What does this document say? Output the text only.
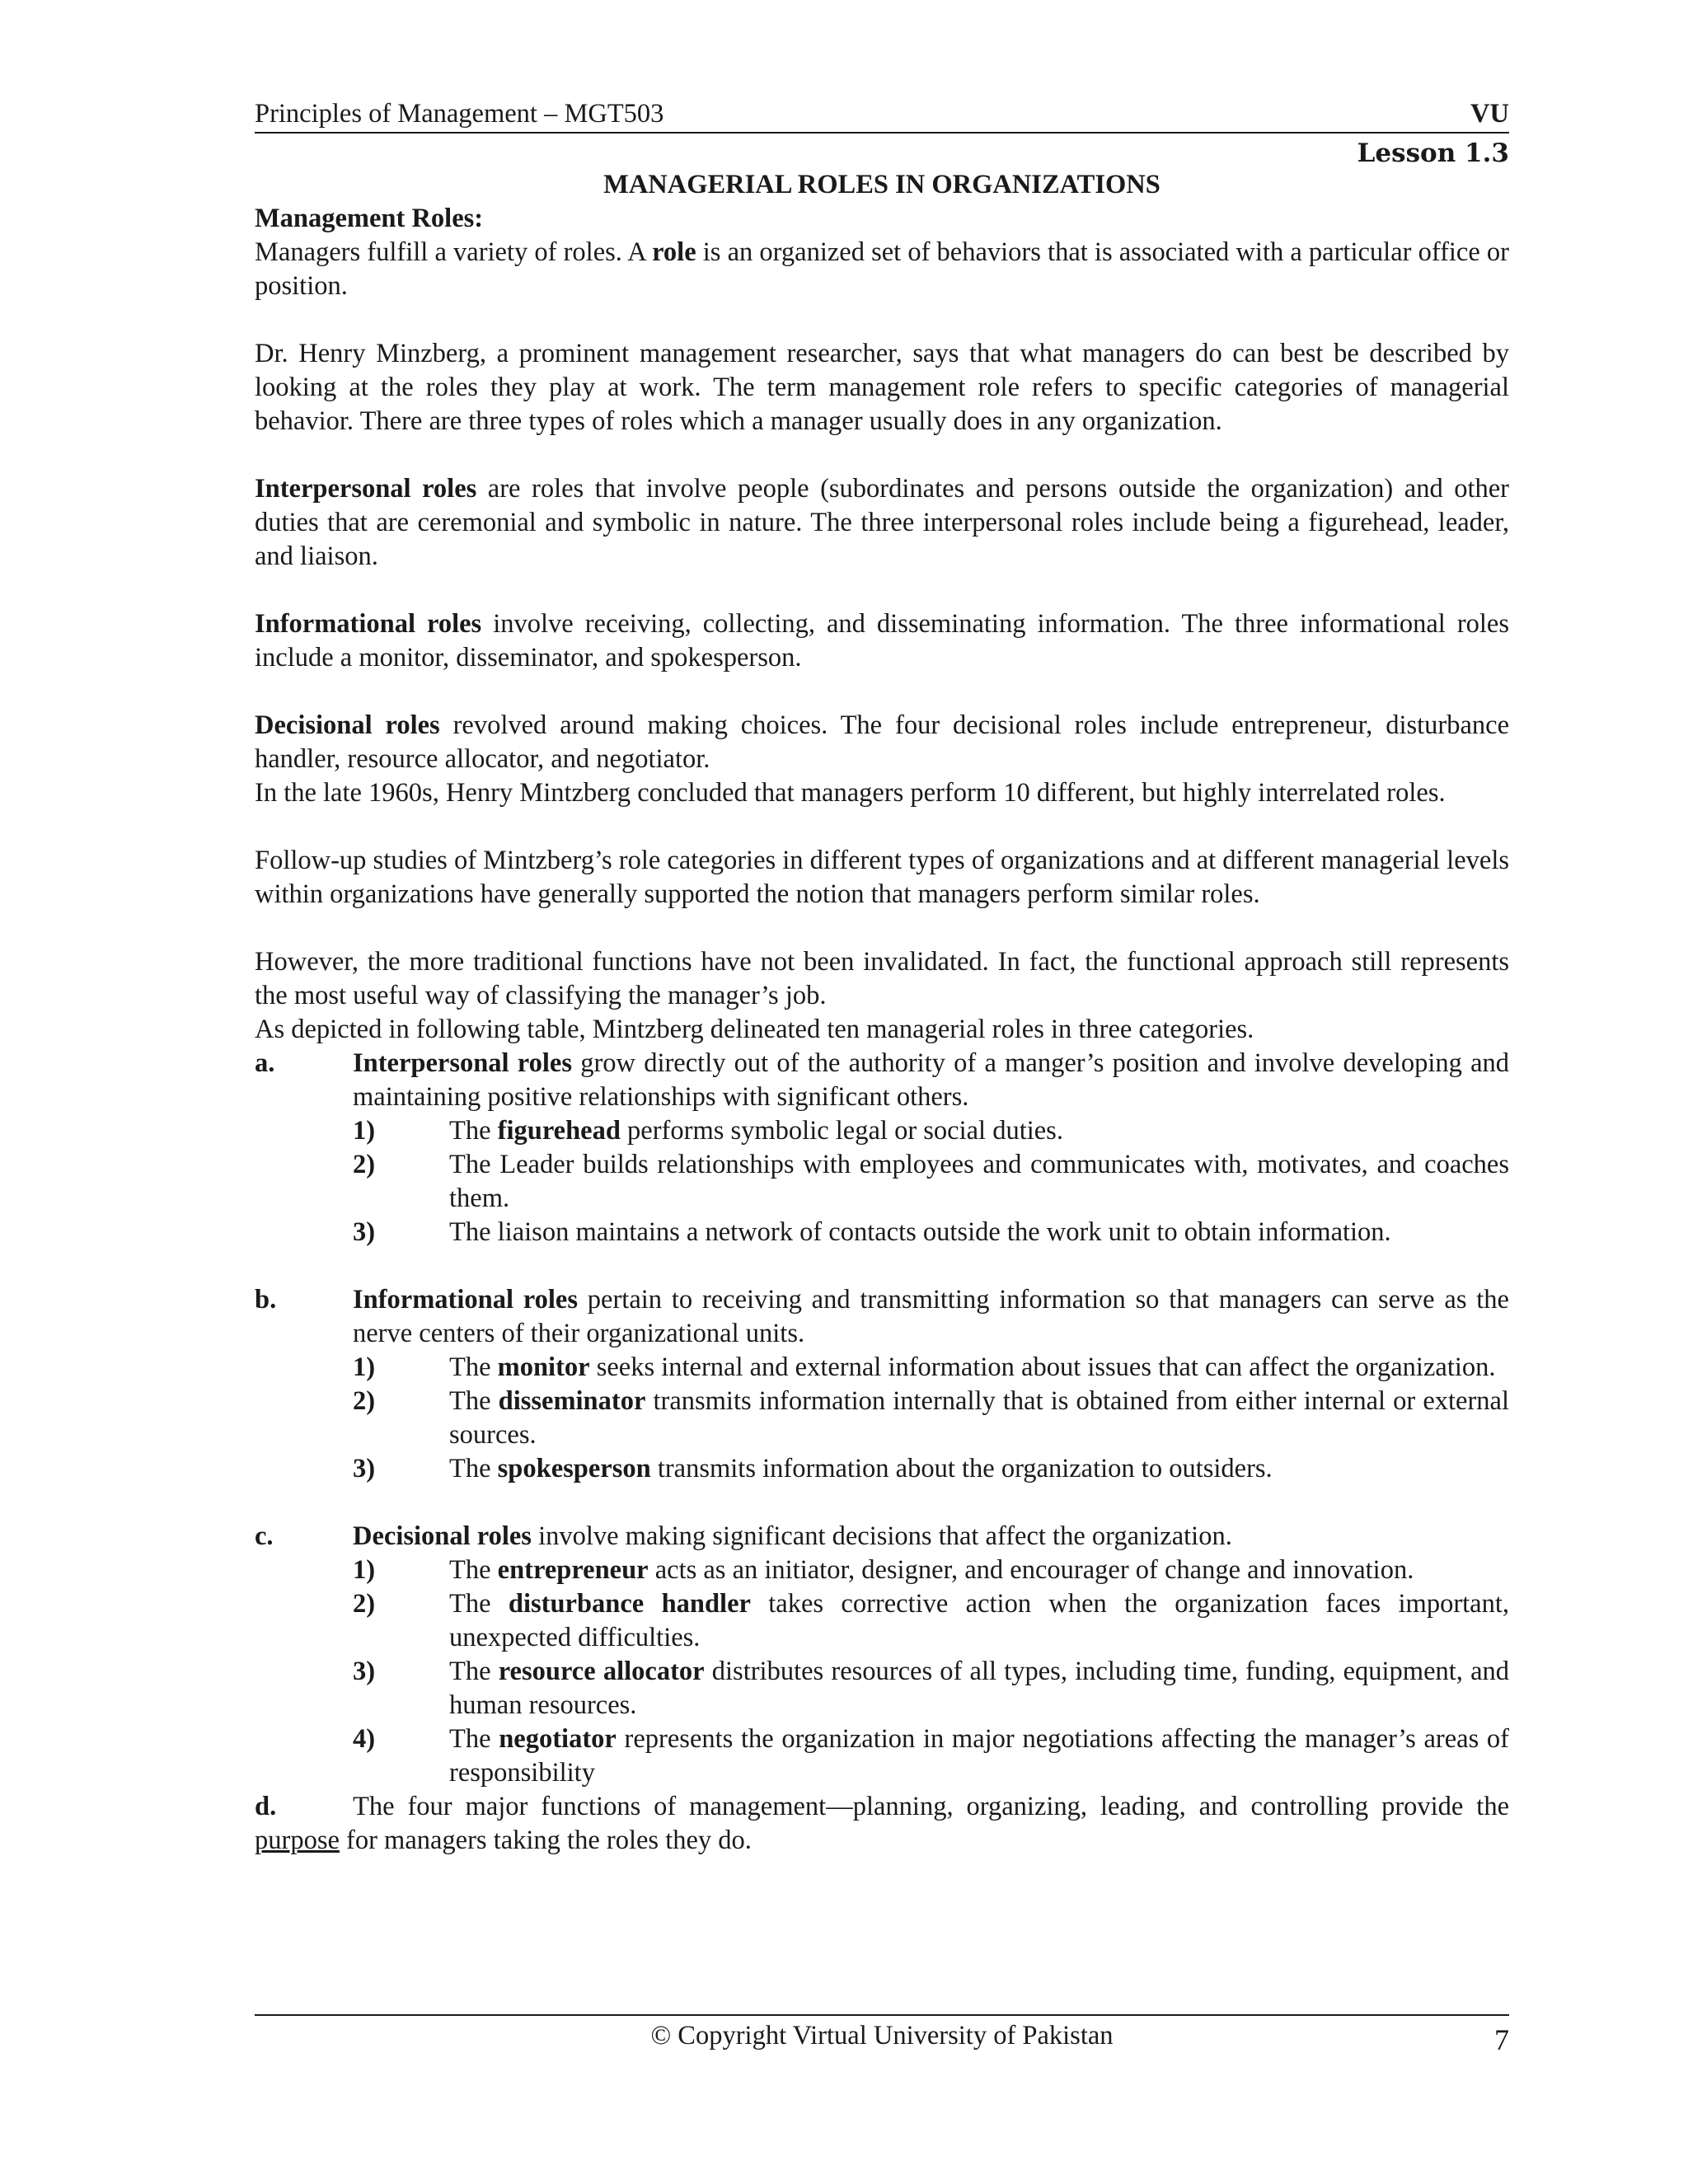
Principles of Management – MGT503	VU
Lesson 1.3
MANAGERIAL ROLES IN ORGANIZATIONS
Management Roles:

Managers fulfill a variety of roles. A role is an organized set of behaviors that is associated with a particular office or position.

Dr. Henry Minzberg, a prominent management researcher, says that what managers do can best be described by looking at the roles they play at work. The term management role refers to specific categories of managerial behavior. There are three types of roles which a manager usually does in any organization.

Interpersonal roles are roles that involve people (subordinates and persons outside the organization) and other duties that are ceremonial and symbolic in nature. The three interpersonal roles include being a figurehead, leader, and liaison.

Informational roles involve receiving, collecting, and disseminating information. The three informational roles include a monitor, disseminator, and spokesperson.

Decisional roles revolved around making choices. The four decisional roles include entrepreneur, disturbance handler, resource allocator, and negotiator.

In the late 1960s, Henry Mintzberg concluded that managers perform 10 different, but highly interrelated roles.

Follow-up studies of Mintzberg’s role categories in different types of organizations and at different managerial levels within organizations have generally supported the notion that managers perform similar roles.

However, the more traditional functions have not been invalidated. In fact, the functional approach still represents the most useful way of classifying the manager’s job.

As depicted in following table, Mintzberg delineated ten managerial roles in three categories.

a.	Interpersonal roles grow directly out of the authority of a manger’s position and involve developing and maintaining positive relationships with significant others.
1)	The figurehead performs symbolic legal or social duties.
2)	The Leader builds relationships with employees and communicates with, motivates, and coaches them.
3)	The liaison maintains a network of contacts outside the work unit to obtain information.
b.	Informational roles pertain to receiving and transmitting information so that managers can serve as the nerve centers of their organizational units.
1)	The monitor seeks internal and external information about issues that can affect the organization.
2)	The disseminator transmits information internally that is obtained from either internal or external sources.
3)	The spokesperson transmits information about the organization to outsiders.
c.	Decisional roles involve making significant decisions that affect the organization.
1)	The entrepreneur acts as an initiator, designer, and encourager of change and innovation.
2)	The disturbance handler takes corrective action when the organization faces important, unexpected difficulties.
3)	The resource allocator distributes resources of all types, including time, funding, equipment, and human resources.
4)	The negotiator represents the organization in major negotiations affecting the manager’s areas of responsibility

d.	The four major functions of management—planning, organizing, leading, and controlling provide the purpose for managers taking the roles they do.

© Copyright Virtual University of Pakistan	7
